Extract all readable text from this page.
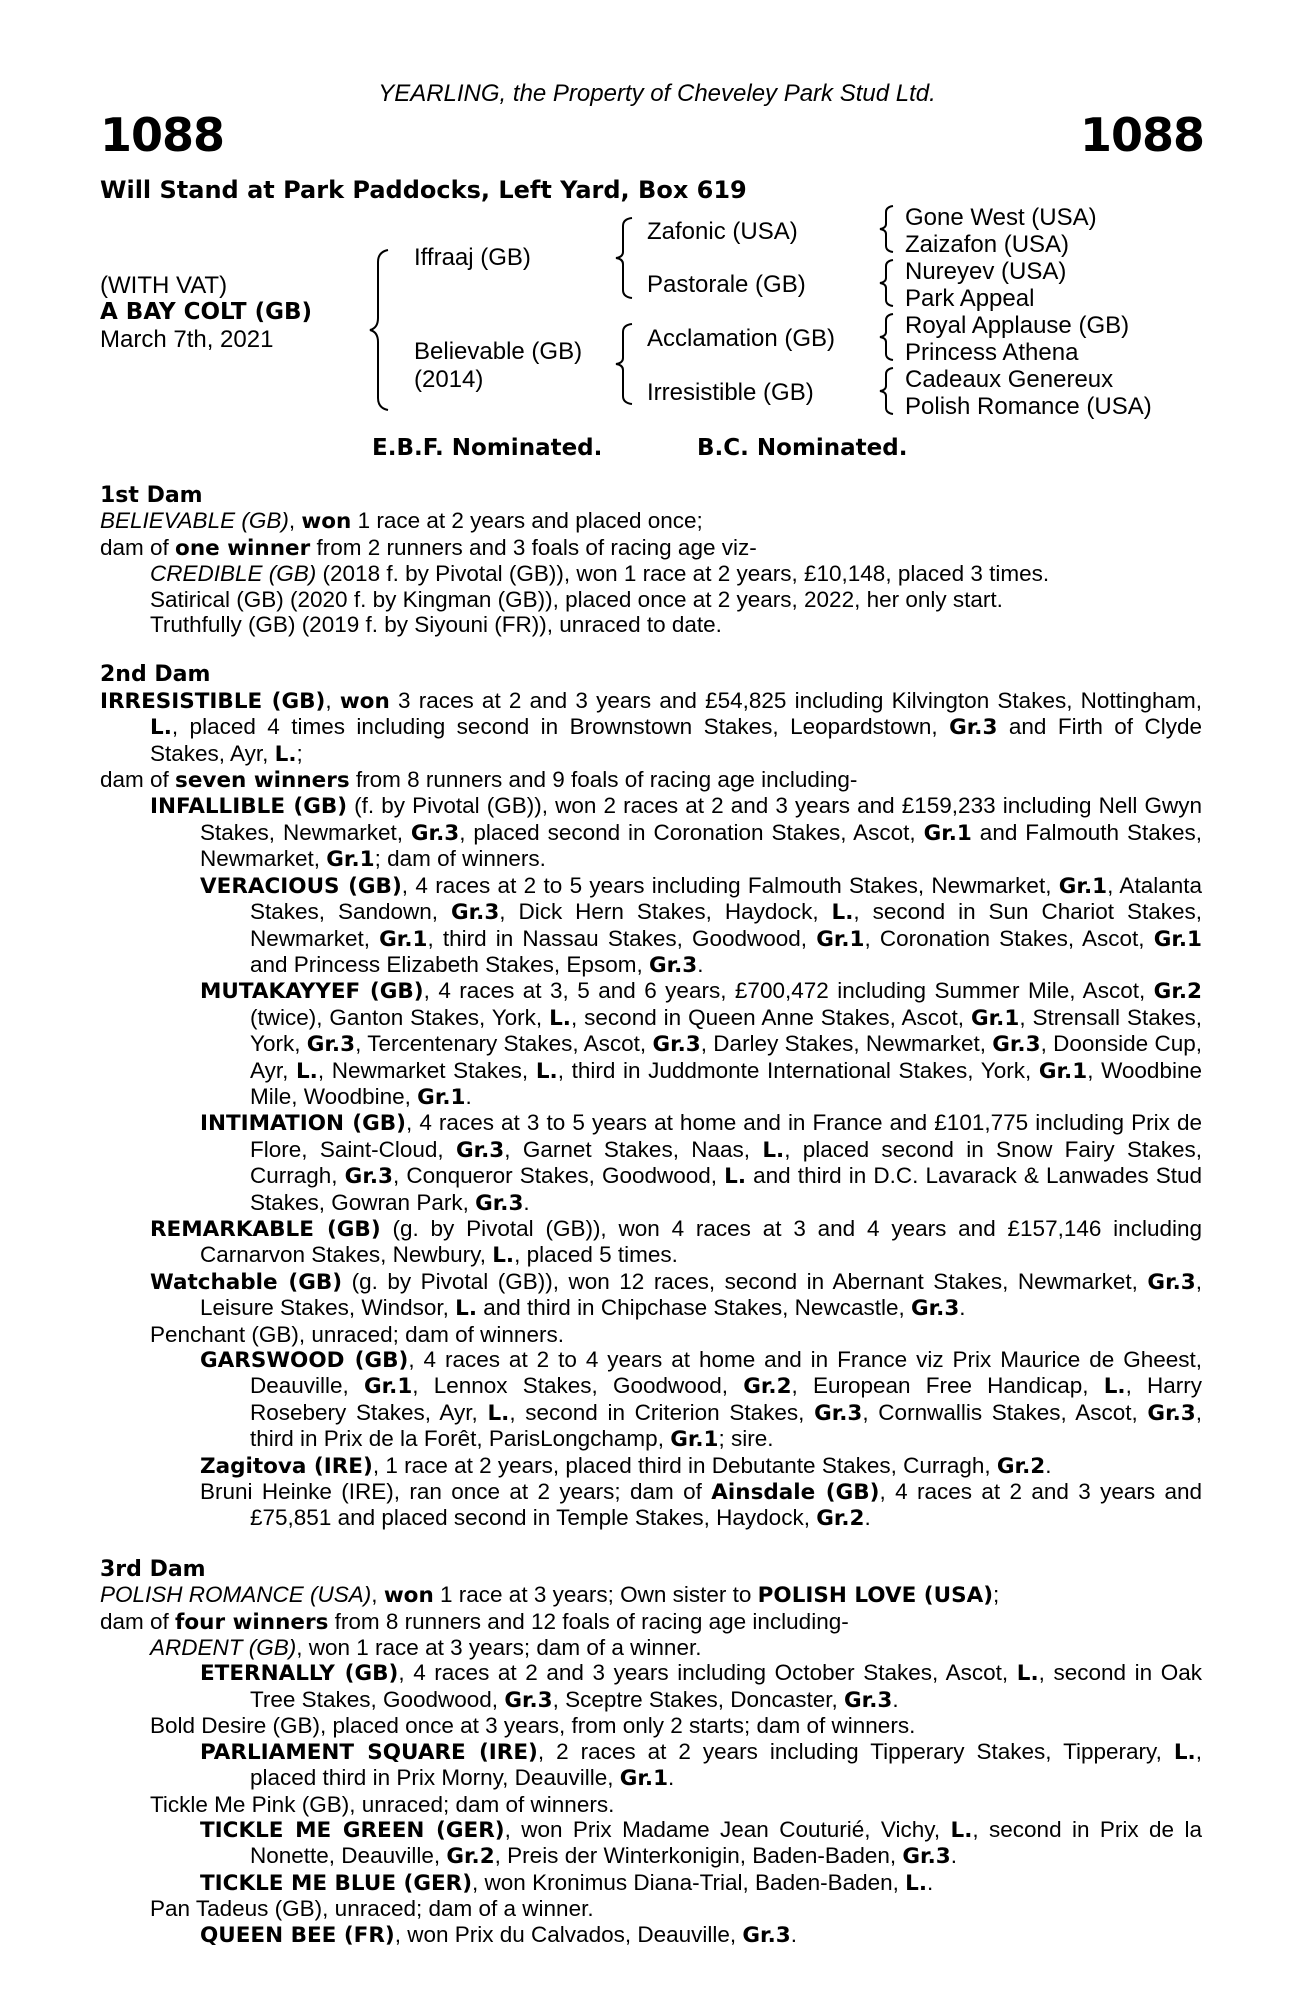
YEARLING, the Property of Cheveley Park Stud Ltd.
1088	1088
Will Stand at Park Paddocks, Left Yard, Box 619
(WITH VAT)
A BAY COLT (GB)
March 7th, 2021
Iffraaj (GB)
Believable (GB)
(2014)
Zafonic (USA)
Pastorale (GB)
Acclamation (GB)
Irresistible (GB)
Gone West (USA)
Zaizafon (USA)
Nureyev (USA)
Park Appeal
Royal Applause (GB)
Princess Athena
Cadeaux Genereux
Polish Romance (USA)
E.B.F. Nominated.	B.C. Nominated.

1st Dam

BELIEVABLE (GB), won 1 race at 2 years and placed once;

dam of one winner from 2 runners and 3 foals of racing age viz-

CREDIBLE (GB) (2018 f. by Pivotal (GB)), won 1 race at 2 years, £10,148, placed 3 times.

Satirical (GB) (2020 f. by Kingman (GB)), placed once at 2 years, 2022, her only start.

Truthfully (GB) (2019 f. by Siyouni (FR)), unraced to date.

2nd Dam

IRRESISTIBLE (GB), won 3 races at 2 and 3 years and £54,825 including Kilvington Stakes, Nottingham, L., placed 4 times including second in Brownstown Stakes, Leopardstown, Gr.3 and Firth of Clyde Stakes, Ayr, L.;

dam of seven winners from 8 runners and 9 foals of racing age including-

INFALLIBLE (GB) (f. by Pivotal (GB)), won 2 races at 2 and 3 years and £159,233 including Nell Gwyn Stakes, Newmarket, Gr.3, placed second in Coronation Stakes, Ascot, Gr.1 and Falmouth Stakes, Newmarket, Gr.1; dam of winners.

VERACIOUS (GB), 4 races at 2 to 5 years including Falmouth Stakes, Newmarket, Gr.1, Atalanta Stakes, Sandown, Gr.3, Dick Hern Stakes, Haydock, L., second in Sun Chariot Stakes, Newmarket, Gr.1, third in Nassau Stakes, Goodwood, Gr.1, Coronation Stakes, Ascot, Gr.1 and Princess Elizabeth Stakes, Epsom, Gr.3.

MUTAKAYYEF (GB), 4 races at 3, 5 and 6 years, £700,472 including Summer Mile, Ascot, Gr.2 (twice), Ganton Stakes, York, L., second in Queen Anne Stakes, Ascot, Gr.1, Strensall Stakes, York, Gr.3, Tercentenary Stakes, Ascot, Gr.3, Darley Stakes, Newmarket, Gr.3, Doonside Cup, Ayr, L., Newmarket Stakes, L., third in Juddmonte International Stakes, York, Gr.1, Woodbine Mile, Woodbine, Gr.1.

INTIMATION (GB), 4 races at 3 to 5 years at home and in France and £101,775 including Prix de Flore, Saint-Cloud, Gr.3, Garnet Stakes, Naas, L., placed second in Snow Fairy Stakes, Curragh, Gr.3, Conqueror Stakes, Goodwood, L. and third in D.C. Lavarack & Lanwades Stud Stakes, Gowran Park, Gr.3.

REMARKABLE (GB) (g. by Pivotal (GB)), won 4 races at 3 and 4 years and £157,146 including Carnarvon Stakes, Newbury, L., placed 5 times.

Watchable (GB) (g. by Pivotal (GB)), won 12 races, second in Abernant Stakes, Newmarket, Gr.3, Leisure Stakes, Windsor, L. and third in Chipchase Stakes, Newcastle, Gr.3.

Penchant (GB), unraced; dam of winners.

GARSWOOD (GB), 4 races at 2 to 4 years at home and in France viz Prix Maurice de Gheest, Deauville, Gr.1, Lennox Stakes, Goodwood, Gr.2, European Free Handicap, L., Harry Rosebery Stakes, Ayr, L., second in Criterion Stakes, Gr.3, Cornwallis Stakes, Ascot, Gr.3, third in Prix de la Forêt, ParisLongchamp, Gr.1; sire.

Zagitova (IRE), 1 race at 2 years, placed third in Debutante Stakes, Curragh, Gr.2.

Bruni Heinke (IRE), ran once at 2 years; dam of Ainsdale (GB), 4 races at 2 and 3 years and £75,851 and placed second in Temple Stakes, Haydock, Gr.2.

3rd Dam

POLISH ROMANCE (USA), won 1 race at 3 years; Own sister to POLISH LOVE (USA);

dam of four winners from 8 runners and 12 foals of racing age including-

ARDENT (GB), won 1 race at 3 years; dam of a winner.

ETERNALLY (GB), 4 races at 2 and 3 years including October Stakes, Ascot, L., second in Oak Tree Stakes, Goodwood, Gr.3, Sceptre Stakes, Doncaster, Gr.3.

Bold Desire (GB), placed once at 3 years, from only 2 starts; dam of winners.

PARLIAMENT SQUARE (IRE), 2 races at 2 years including Tipperary Stakes, Tipperary, L., placed third in Prix Morny, Deauville, Gr.1.

Tickle Me Pink (GB), unraced; dam of winners.

TICKLE ME GREEN (GER), won Prix Madame Jean Couturié, Vichy, L., second in Prix de la Nonette, Deauville, Gr.2, Preis der Winterkonigin, Baden-Baden, Gr.3.

TICKLE ME BLUE (GER), won Kronimus Diana-Trial, Baden-Baden, L..

Pan Tadeus (GB), unraced; dam of a winner.

QUEEN BEE (FR), won Prix du Calvados, Deauville, Gr.3.
